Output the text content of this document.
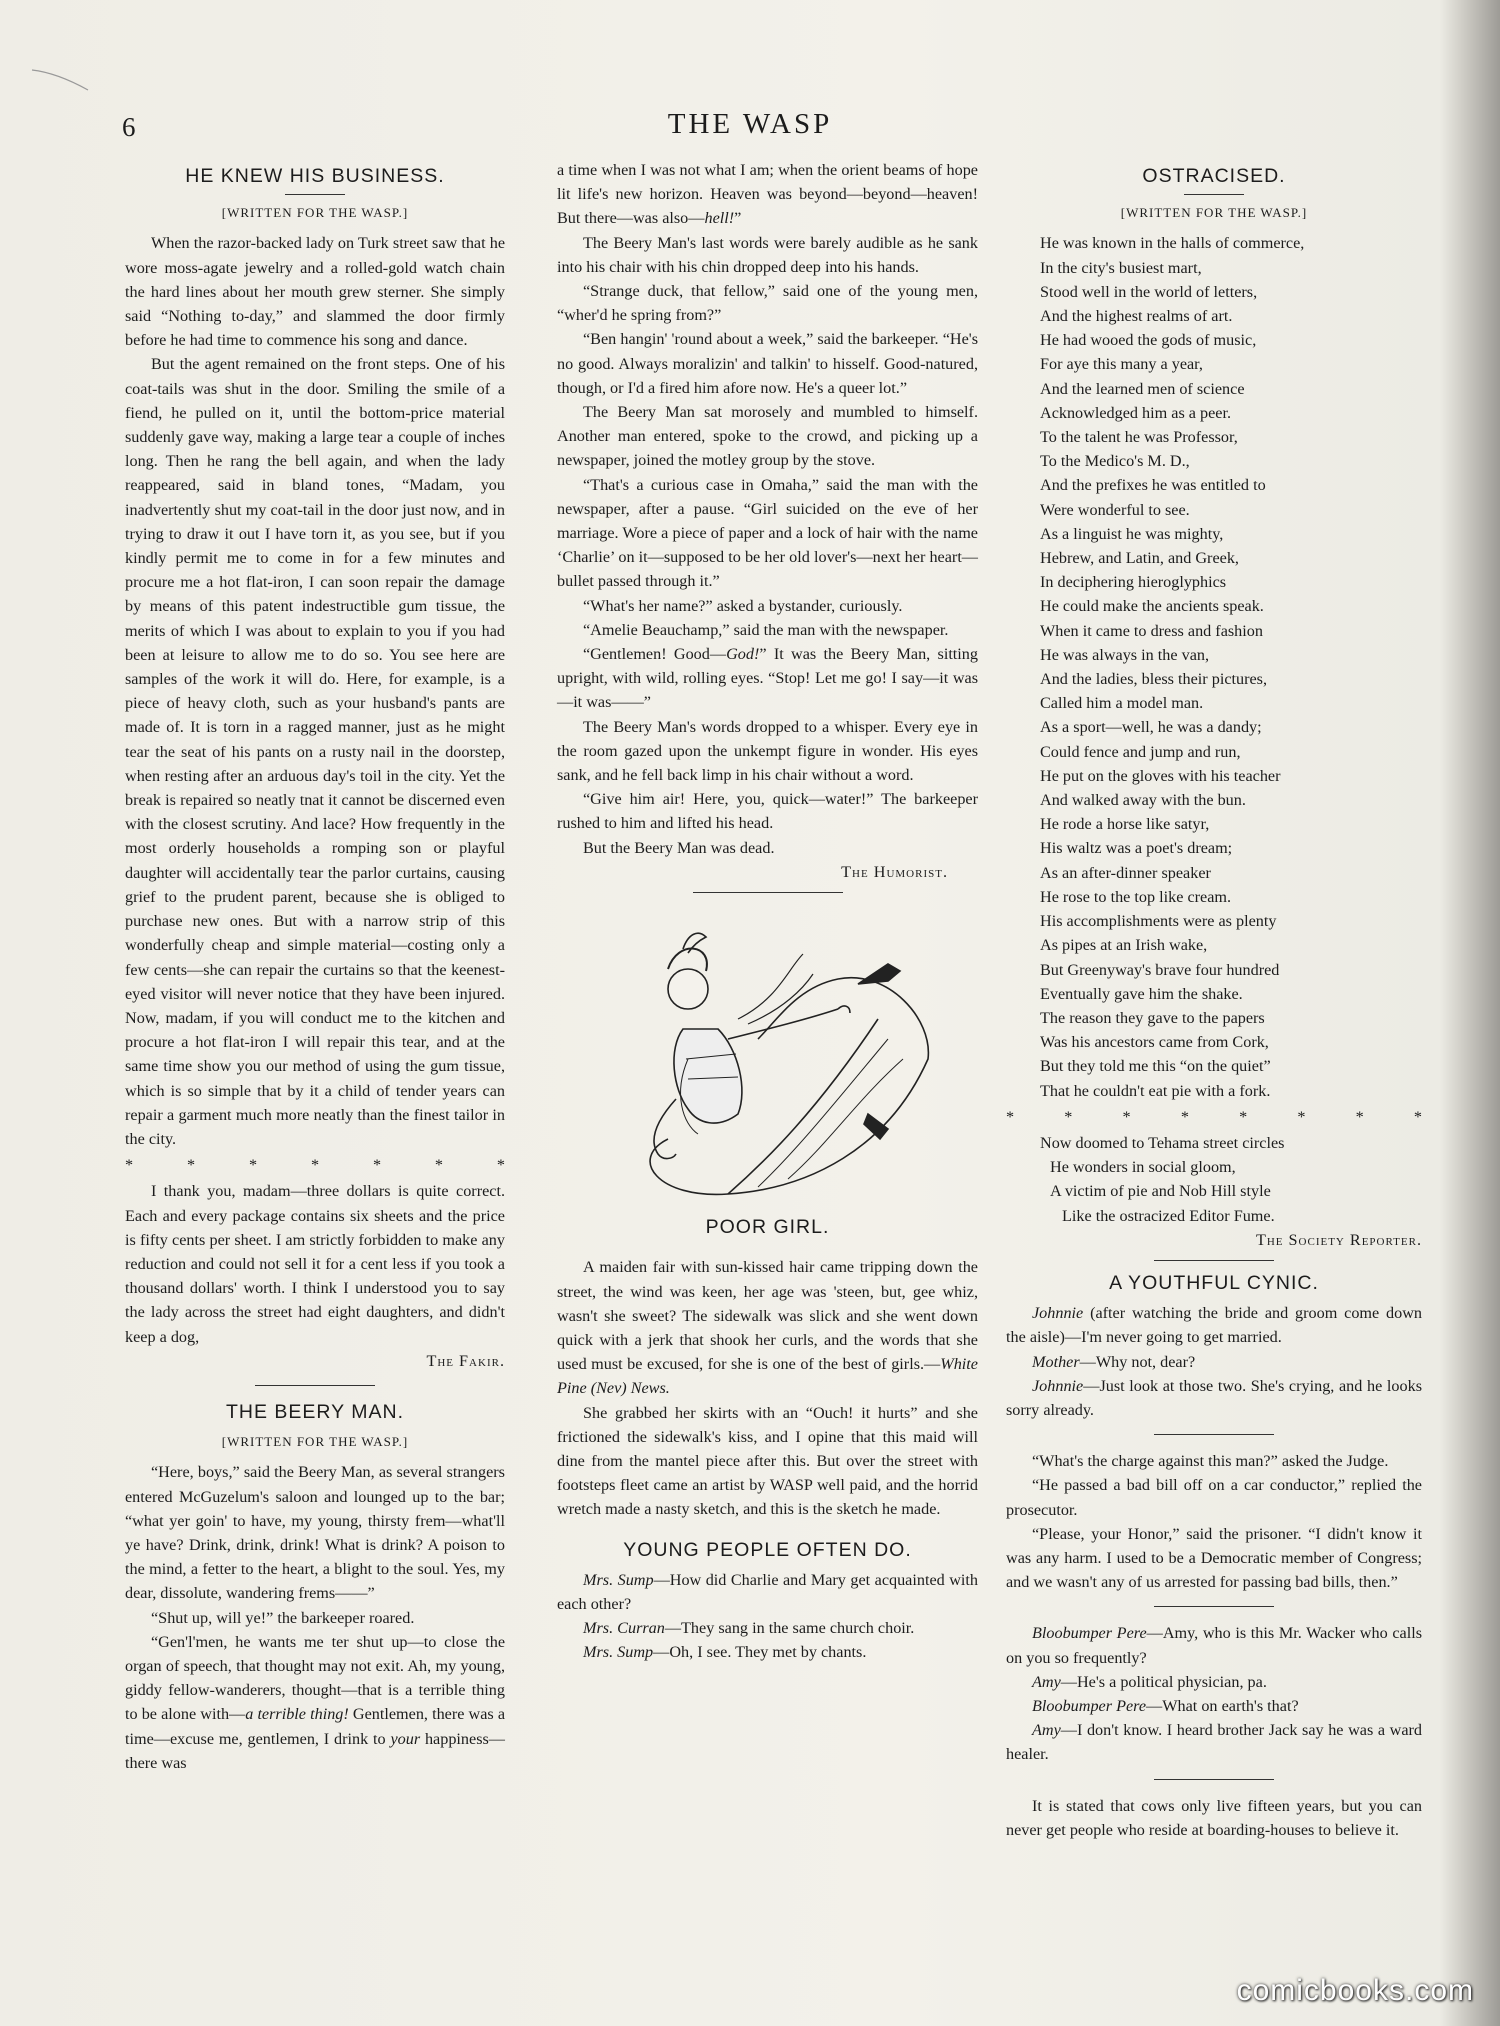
6	THE WASP
HE KNEW HIS BUSINESS.
[WRITTEN FOR THE WASP.]

When the razor-backed lady on Turk street saw that he wore moss-agate jewelry and a rolled-gold watch chain the hard lines about her mouth grew sterner. She simply said “Nothing to-day,” and slammed the door firmly before he had time to commence his song and dance.

But the agent remained on the front steps. One of his coat-tails was shut in the door. Smiling the smile of a fiend, he pulled on it, until the bottom-price material suddenly gave way, making a large tear a couple of inches long. Then he rang the bell again, and when the lady reappeared, said in bland tones, “Madam, you inadvertently shut my coat-tail in the door just now, and in trying to draw it out I have torn it, as you see, but if you kindly permit me to come in for a few minutes and procure me a hot flat-iron, I can soon repair the damage by means of this patent indestructible gum tissue, the merits of which I was about to explain to you if you had been at leisure to allow me to do so. You see here are samples of the work it will do. Here, for example, is a piece of heavy cloth, such as your husband's pants are made of. It is torn in a ragged manner, just as he might tear the seat of his pants on a rusty nail in the doorstep, when resting after an arduous day's toil in the city. Yet the break is repaired so neatly tnat it cannot be discerned even with the closest scrutiny. And lace? How frequently in the most orderly households a romping son or playful daughter will accidentally tear the parlor curtains, causing grief to the prudent parent, because she is obliged to purchase new ones. But with a narrow strip of this wonderfully cheap and simple material—costing only a few cents—she can repair the curtains so that the keenest-eyed visitor will never notice that they have been injured. Now, madam, if you will conduct me to the kitchen and procure a hot flat-iron I will repair this tear, and at the same time show you our method of using the gum tissue, which is so simple that by it a child of tender years can repair a garment much more neatly than the finest tailor in the city.

* * * * * * *

I thank you, madam—three dollars is quite correct. Each and every package contains six sheets and the price is fifty cents per sheet. I am strictly forbidden to make any reduction and could not sell it for a cent less if you took a thousand dollars' worth. I think I understood you to say the lady across the street had eight daughters, and didn't keep a dog,

The Fakir.

THE BEERY MAN.
[WRITTEN FOR THE WASP.]

“Here, boys,” said the Beery Man, as several strangers entered McGuzelum's saloon and lounged up to the bar; “what yer goin' to have, my young, thirsty frem—what'll ye have? Drink, drink, drink! What is drink? A poison to the mind, a fetter to the heart, a blight to the soul. Yes, my dear, dissolute, wandering frems——”

“Shut up, will ye!” the barkeeper roared.

“Gen'l'men, he wants me ter shut up—to close the organ of speech, that thought may not exit. Ah, my young, giddy fellow-wanderers, thought—that is a terrible thing to be alone with—a terrible thing! Gentlemen, there was a time—excuse me, gentlemen, I drink to your happiness—there was

a time when I was not what I am; when the orient beams of hope lit life's new horizon. Heaven was beyond—beyond—heaven! But there—was also—hell!”

The Beery Man's last words were barely audible as he sank into his chair with his chin dropped deep into his hands.

“Strange duck, that fellow,” said one of the young men, “wher'd he spring from?”

“Ben hangin' 'round about a week,” said the barkeeper. “He's no good. Always moralizin' and talkin' to hisself. Good-natured, though, or I'd a fired him afore now. He's a queer lot.”

The Beery Man sat morosely and mumbled to himself. Another man entered, spoke to the crowd, and picking up a newspaper, joined the motley group by the stove.

“That's a curious case in Omaha,” said the man with the newspaper, after a pause. “Girl suicided on the eve of her marriage. Wore a piece of paper and a lock of hair with the name ‘Charlie’ on it—supposed to be her old lover's—next her heart—bullet passed through it.”

“What's her name?” asked a bystander, curiously.

“Amelie Beauchamp,” said the man with the newspaper.

“Gentlemen! Good—God!” It was the Beery Man, sitting upright, with wild, rolling eyes. “Stop! Let me go! I say—it was—it was——”

The Beery Man's words dropped to a whisper. Every eye in the room gazed upon the unkempt figure in wonder. His eyes sank, and he fell back limp in his chair without a word.

“Give him air! Here, you, quick—water!” The barkeeper rushed to him and lifted his head.

But the Beery Man was dead.

The Humorist.

POOR GIRL.

A maiden fair with sun-kissed hair came tripping down the street, the wind was keen, her age was 'steen, but, gee whiz, wasn't she sweet? The sidewalk was slick and she went down quick with a jerk that shook her curls, and the words that she used must be excused, for she is one of the best of girls.—White Pine (Nev) News.

She grabbed her skirts with an “Ouch! it hurts” and she frictioned the sidewalk's kiss, and I opine that this maid will dine from the mantel piece after this. But over the street with footsteps fleet came an artist by WASP well paid, and the horrid wretch made a nasty sketch, and this is the sketch he made.

YOUNG PEOPLE OFTEN DO.

Mrs. Sump—How did Charlie and Mary get acquainted with each other?

Mrs. Curran—They sang in the same church choir.

Mrs. Sump—Oh, I see. They met by chants.

OSTRACISED.
[WRITTEN FOR THE WASP.]

He was known in the halls of commerce,

In the city's busiest mart,

Stood well in the world of letters,

And the highest realms of art.

He had wooed the gods of music,

For aye this many a year,

And the learned men of science

Acknowledged him as a peer.

To the talent he was Professor,

To the Medico's M. D.,

And the prefixes he was entitled to

Were wonderful to see.

As a linguist he was mighty,

Hebrew, and Latin, and Greek,

In deciphering hieroglyphics

He could make the ancients speak.

When it came to dress and fashion

He was always in the van,

And the ladies, bless their pictures,

Called him a model man.

As a sport—well, he was a dandy;

Could fence and jump and run,

He put on the gloves with his teacher

And walked away with the bun.

He rode a horse like satyr,

His waltz was a poet's dream;

As an after-dinner speaker

He rose to the top like cream.

His accomplishments were as plenty

As pipes at an Irish wake,

But Greenyway's brave four hundred

Eventually gave him the shake.

The reason they gave to the papers

Was his ancestors came from Cork,

But they told me this “on the quiet”

That he couldn't eat pie with a fork.

* * * * * * * *

Now doomed to Tehama street circles

He wonders in social gloom,

A victim of pie and Nob Hill style

Like the ostracized Editor Fume.

The Society Reporter.

A YOUTHFUL CYNIC.

Johnnie (after watching the bride and groom come down the aisle)—I'm never going to get married.

Mother—Why not, dear?

Johnnie—Just look at those two. She's crying, and he looks sorry already.

“What's the charge against this man?” asked the Judge.

“He passed a bad bill off on a car conductor,” replied the prosecutor.

“Please, your Honor,” said the prisoner. “I didn't know it was any harm. I used to be a Democratic member of Congress; and we wasn't any of us arrested for passing bad bills, then.”

Bloobumper Pere—Amy, who is this Mr. Wacker who calls on you so frequently?

Amy—He's a political physician, pa.

Bloobumper Pere—What on earth's that?

Amy—I don't know. I heard brother Jack say he was a ward healer.

It is stated that cows only live fifteen years, but you can never get people who reside at boarding-houses to believe it.

comicbooks.com
